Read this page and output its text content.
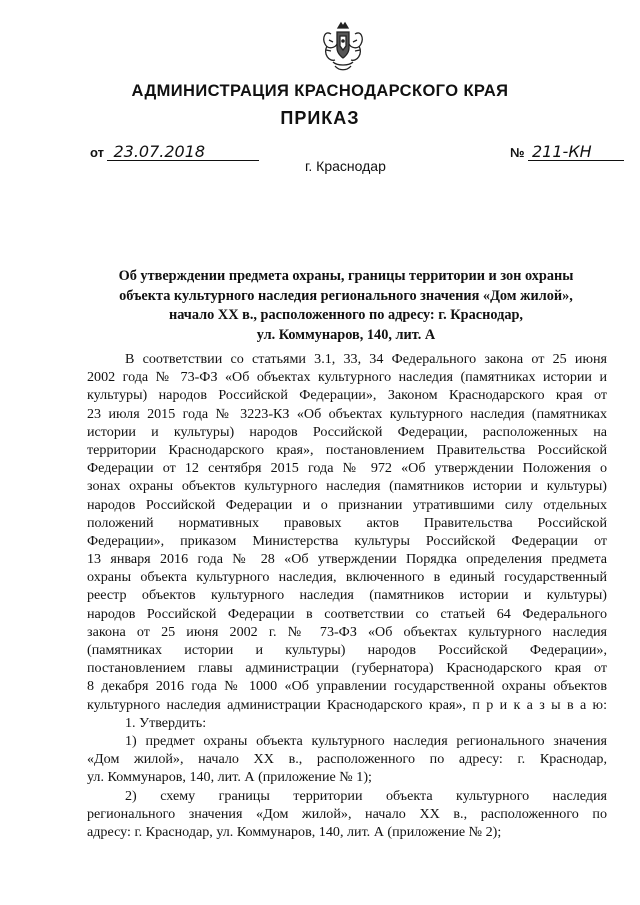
АДМИНИСТРАЦИЯ КРАСНОДАРСКОГО КРАЯ
ПРИКАЗ
от 23.07.2018	№ 211-КН
г. Краснодар
Об утверждении предмета охраны, границы территории и зон охраны
объекта культурного наследия регионального значения «Дом жилой»,
начало XX в., расположенного по адресу: г. Краснодар,
ул. Коммунаров, 140, лит. А
В соответствии со статьями 3.1, 33, 34 Федерального закона от 25 июня
2002 года № 73-ФЗ «Об объектах культурного наследия (памятниках истории и
культуры) народов Российской Федерации», Законом Краснодарского края от
23 июля 2015 года № 3223-КЗ «Об объектах культурного наследия (памятниках
истории и культуры) народов Российской Федерации, расположенных на
территории Краснодарского края», постановлением Правительства Российской
Федерации от 12 сентября 2015 года № 972 «Об утверждении Положения о
зонах охраны объектов культурного наследия (памятников истории и культуры)
народов Российской Федерации и о признании утратившими силу отдельных
положений нормативных правовых актов Правительства Российской
Федерации», приказом Министерства культуры Российской Федерации от
13 января 2016 года № 28 «Об утверждении Порядка определения предмета
охраны объекта культурного наследия, включенного в единый государственный
реестр объектов культурного наследия (памятников истории и культуры)
народов Российской Федерации в соответствии со статьей 64 Федерального
закона от 25 июня 2002 г. № 73-ФЗ «Об объектах культурного наследия
(памятниках истории и культуры) народов Российской Федерации»,
постановлением главы администрации (губернатора) Краснодарского края от
8 декабря 2016 года № 1000 «Об управлении государственной охраны объектов
культурного наследия администрации Краснодарского края», п р и к а з ы в а ю:
1. Утвердить:
1) предмет охраны объекта культурного наследия регионального значения
«Дом жилой», начало XX в., расположенного по адресу: г. Краснодар,
ул. Коммунаров, 140, лит. А (приложение № 1);
2) схему границы территории объекта культурного наследия
регионального значения «Дом жилой», начало XX в., расположенного по
адресу: г. Краснодар, ул. Коммунаров, 140, лит. А (приложение № 2);
